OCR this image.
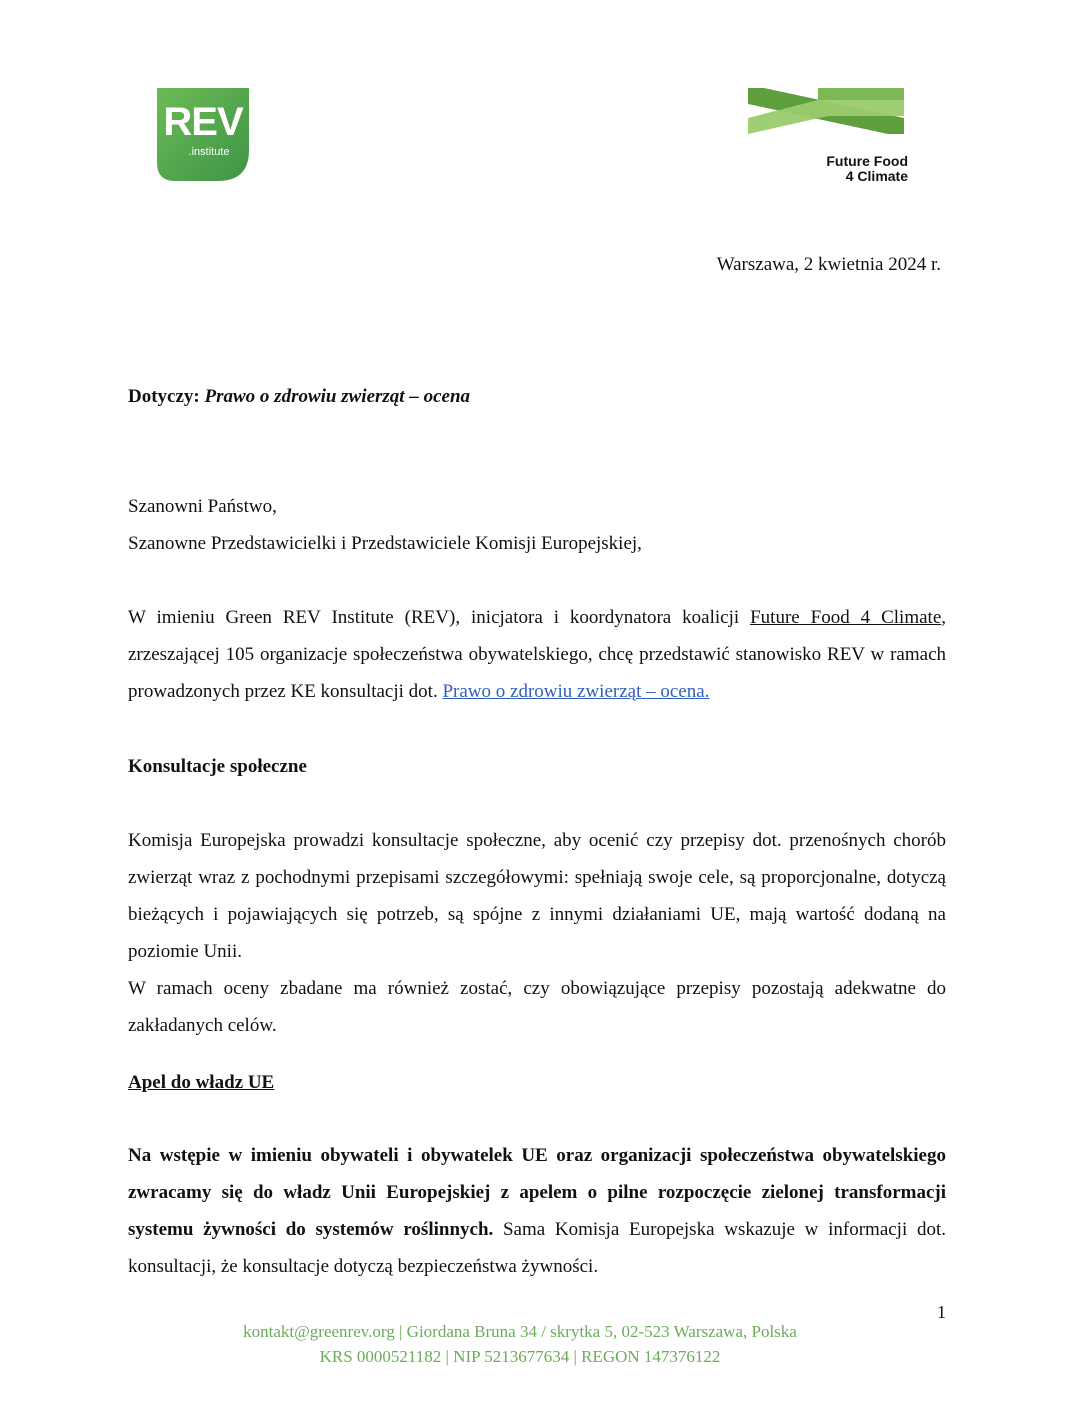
REV
.institute
Future Food
4 Climate
Warszawa, 2 kwietnia 2024 r.
Dotyczy: Prawo o zdrowiu zwierząt – ocena
Szanowni Państwo,
Szanowne Przedstawicielki i Przedstawiciele Komisji Europejskiej,
W imieniu Green REV Institute (REV), inicjatora i koordynatora koalicji Future Food 4 Climate, zrzeszającej 105 organizacje społeczeństwa obywatelskiego, chcę przedstawić stanowisko REV w ramach prowadzonych przez KE konsultacji dot. Prawo o zdrowiu zwierząt – ocena.
Konsultacje społeczne
Komisja Europejska prowadzi konsultacje społeczne, aby ocenić czy przepisy dot. przenośnych chorób zwierząt wraz z pochodnymi przepisami szczegółowymi: spełniają swoje cele, są proporcjonalne, dotyczą bieżących i pojawiających się potrzeb, są spójne z innymi działaniami UE, mają wartość dodaną na poziomie Unii.
W ramach oceny zbadane ma również zostać, czy obowiązujące przepisy pozostają adekwatne do zakładanych celów.
Apel do władz UE
Na wstępie w imieniu obywateli i obywatelek UE oraz organizacji społeczeństwa obywatelskiego zwracamy się do władz Unii Europejskiej z apelem o pilne rozpoczęcie zielonej transformacji systemu żywności do systemów roślinnych. Sama Komisja Europejska wskazuje w informacji dot. konsultacji, że konsultacje dotyczą bezpieczeństwa żywności.
1
kontakt@greenrev.org | Giordana Bruna 34 / skrytka 5, 02-523 Warszawa, Polska
KRS 0000521182 | NIP 5213677634 | REGON 147376122
